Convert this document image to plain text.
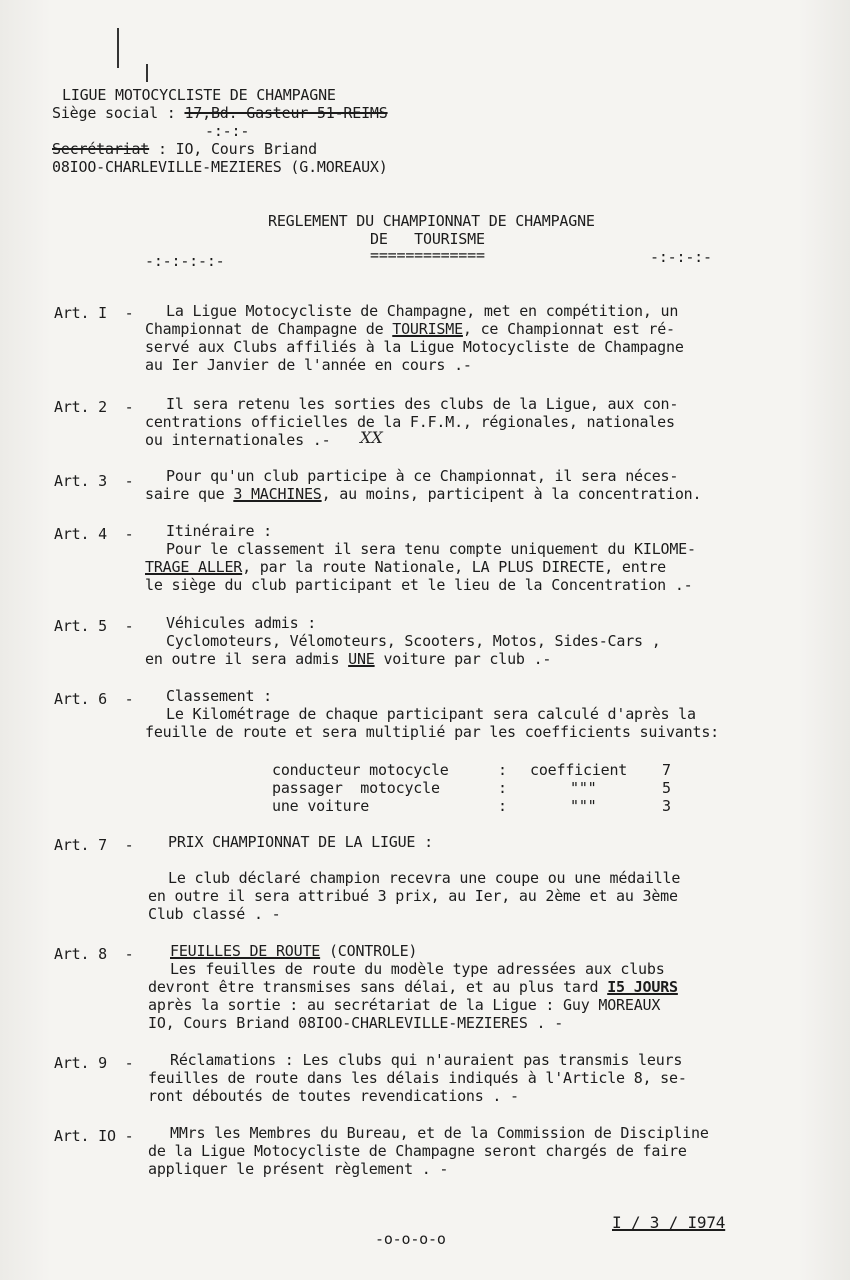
LIGUE MOTOCYCLISTE DE CHAMPAGNE
Siège social : 17,Bd. Gasteur 51-REIMS
-:-:-
Secrétariat : IO, Cours Briand
08IOO-CHARLEVILLE-MEZIERES (G.MOREAUX)
REGLEMENT DU CHAMPIONNAT DE CHAMPAGNE
DE   TOURISME
=============
-:-:-:-:-	-:-:-:-
Art. I  - La Ligue Motocycliste de Champagne, met en compétition, un
Championnat de Champagne de TOURISME, ce Championnat est ré-
servé aux Clubs affiliés à la Ligue Motocycliste de Champagne
au Ier Janvier de l'année en cours .-
Art. 2  - Il sera retenu les sorties des clubs de la Ligue, aux con-
centrations officielles de la F.F.M., régionales, nationales
ou internationales .- XX
Art. 3  - Pour qu'un club participe à ce Championnat, il sera néces-
saire que 3 MACHINES, au moins, participent à la concentration.
Art. 4  - Itinéraire :
Pour le classement il sera tenu compte uniquement du KILOME-
TRAGE ALLER, par la route Nationale, LA PLUS DIRECTE, entre
le siège du club participant et le lieu de la Concentration .-
Art. 5  - Véhicules admis :
Cyclomoteurs, Vélomoteurs, Scooters, Motos, Sides-Cars ,
en outre il sera admis UNE voiture par club .-
Art. 6  - Classement :
Le Kilométrage de chaque participant sera calculé d'après la
feuille de route et sera multiplié par les coefficients suivants:
conducteur motocycle	: coefficient 7
passager  motocycle	:	"""	5
une voiture	:	"""	3
Art. 7  - PRIX CHAMPIONNAT DE LA LIGUE :
Le club déclaré champion recevra une coupe ou une médaille
en outre il sera attribué 3 prix, au Ier, au 2ème et au 3ème
Club classé . -
Art. 8  - FEUILLES DE ROUTE (CONTROLE)
Les feuilles de route du modèle type adressées aux clubs
devront être transmises sans délai, et au plus tard I5 JOURS
après la sortie : au secrétariat de la Ligue : Guy MOREAUX
IO, Cours Briand 08IOO-CHARLEVILLE-MEZIERES . -
Art. 9  - Réclamations : Les clubs qui n'auraient pas transmis leurs
feuilles de route dans les délais indiqués à l'Article 8, se-
ront déboutés de toutes revendications . -
Art. IO - MMrs les Membres du Bureau, et de la Commission de Discipline
de la Ligue Motocycliste de Champagne seront chargés de faire
appliquer le présent règlement . -
I / 3 / I974
-o-o-o-o
